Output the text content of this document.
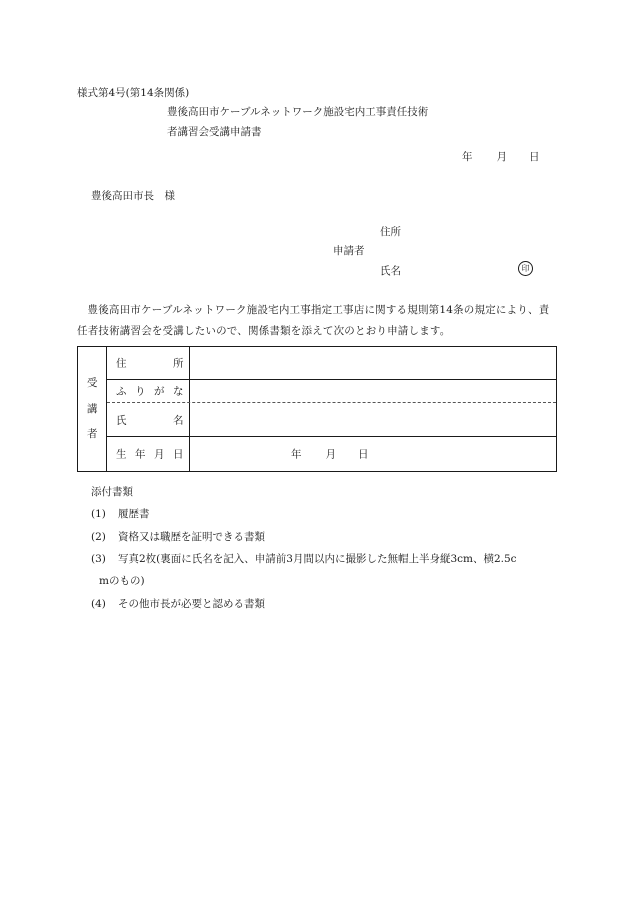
様式第4号(第14条関係)
豊後高田市ケーブルネットワーク施設宅内工事責任技術
者講習会受講申請書
年 月 日
豊後高田市長　様
住所
申請者
氏名	印
豊後高田市ケーブルネットワーク施設宅内工事指定工事店に関する規則第14条の規定により、責任者技術講習会を受講したいので、関係書類を添えて次のとおり申請します。
受
講
者
住	所
ふ り が な
氏	名
生 年 月 日	年 月 日
添付書類
(1) 履歴書
(2) 資格又は職歴を証明できる書類
(3) 写真2枚(裏面に氏名を記入、申請前3月間以内に撮影した無帽上半身縦3cm、横2.5c
mのもの)
(4) その他市長が必要と認める書類
